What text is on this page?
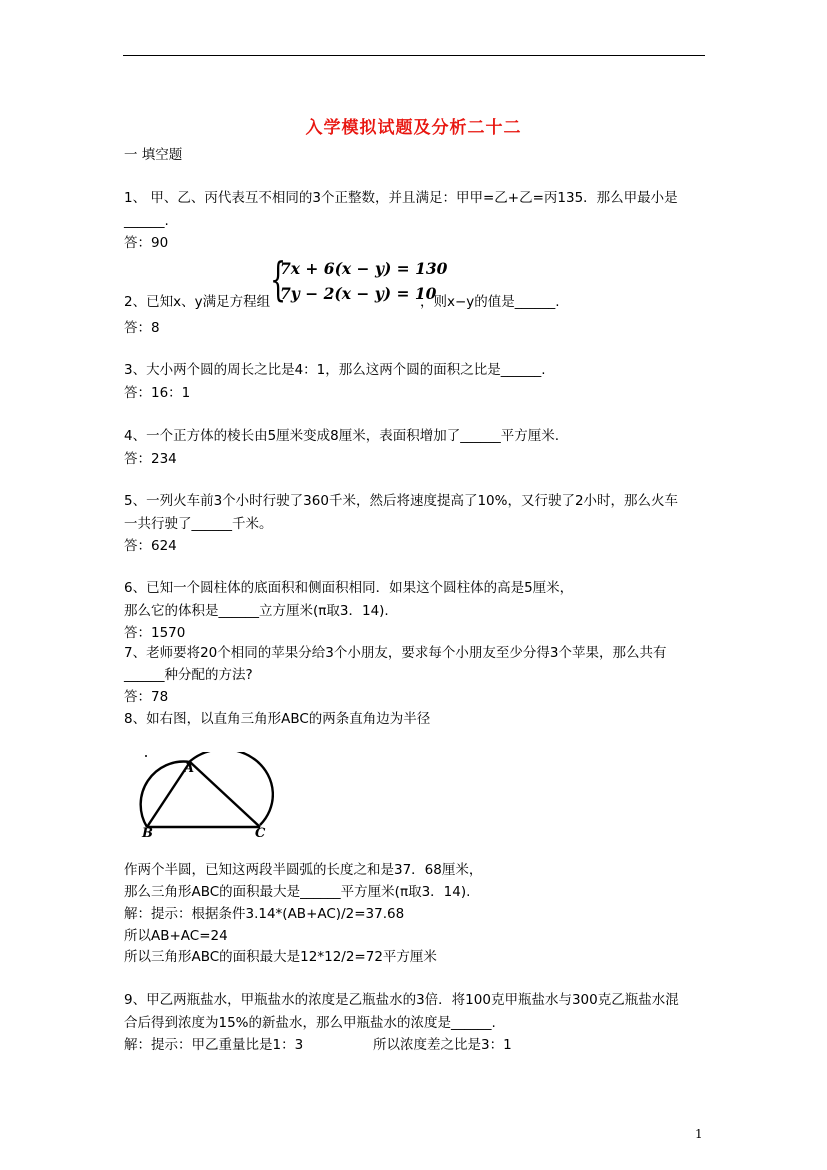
入学模拟试题及分析二十二
一 填空题
1、 甲、乙、丙代表互不相同的3个正整数，并且满足：甲甲=乙+乙=丙135．那么甲最小是
______.
答：90
{
7x + 6(x − y) = 130
7y − 2(x − y) = 10
2、已知x、y满足方程组	，则x−y的值是______.
答：8
3、大小两个圆的周长之比是4：1，那么这两个圆的面积之比是______.
答：16：1
4、一个正方体的棱长由5厘米变成8厘米，表面积增加了______平方厘米.
答：234
5、一列火车前3个小时行驶了360千米，然后将速度提高了10%，又行驶了2小时，那么火车
一共行驶了______千米。
答：624
6、已知一个圆柱体的底面积和侧面积相同．如果这个圆柱体的高是5厘米，
那么它的体积是______立方厘米(π取3．14).
答：1570
7、老师要将20个相同的苹果分给3个小朋友，要求每个小朋友至少分得3个苹果，那么共有
______种分配的方法?
答：78
8、如右图，以直角三角形ABC的两条直角边为半径
A
B	C
作两个半圆，已知这两段半圆弧的长度之和是37．68厘米，
那么三角形ABC的面积最大是______平方厘米(π取3．14).
解：提示：根据条件3.14*(AB+AC)/2=37.68
所以AB+AC=24
所以三角形ABC的面积最大是12*12/2=72平方厘米
9、甲乙两瓶盐水，甲瓶盐水的浓度是乙瓶盐水的3倍．将100克甲瓶盐水与300克乙瓶盐水混
合后得到浓度为15%的新盐水，那么甲瓶盐水的浓度是______.
解：提示：甲乙重量比是1：3	所以浓度差之比是3：1
1
